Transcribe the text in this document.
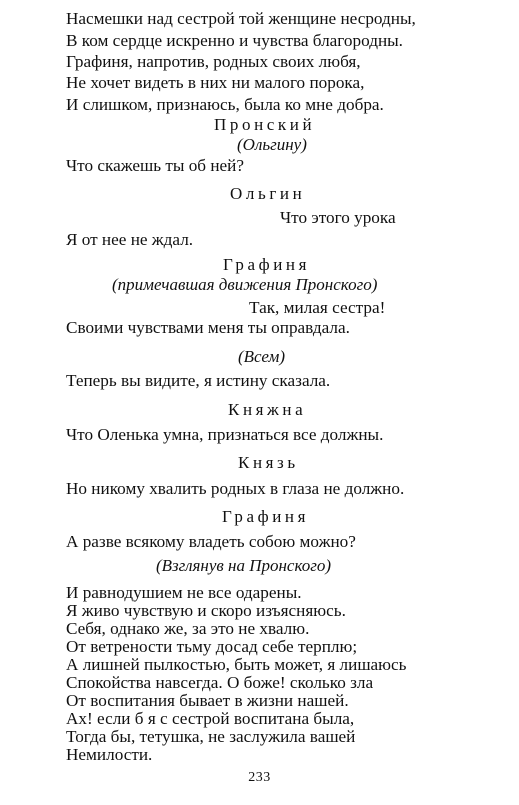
Насмешки над сестрой той женщине несродны,
В ком сердце искренно и чувства благородны.
Графиня, напротив, родных своих любя,
Не хочет видеть в них ни малого порока,
И слишком, признаюсь, была ко мне добра.
Пронский
(Ольгину)
Что скажешь ты об ней?
Ольгин
Что этого урока
Я от нее не ждал.
Графиня
(примечавшая движения Пронского)
Так, милая сестра!
Своими чувствами меня ты оправдала.
(Всем)
Теперь вы видите, я истину сказала.
Княжна
Что Оленька умна, признаться все должны.
Князь
Но никому хвалить родных в глаза не должно.
Графиня
А разве всякому владеть собою можно?
(Взглянув на Пронского)
И равнодушием не все одарены.
Я живо чувствую и скоро изъясняюсь.
Себя, однако же, за это не хвалю.
От ветрености тьму досад себе терплю;
А лишней пылкостью, быть может, я лишаюсь
Спокойства навсегда. О боже! сколько зла
От воспитания бывает в жизни нашей.
Ах! если б я с сестрой воспитана была,
Тогда бы, тетушка, не заслужила вашей
Немилости.
233
